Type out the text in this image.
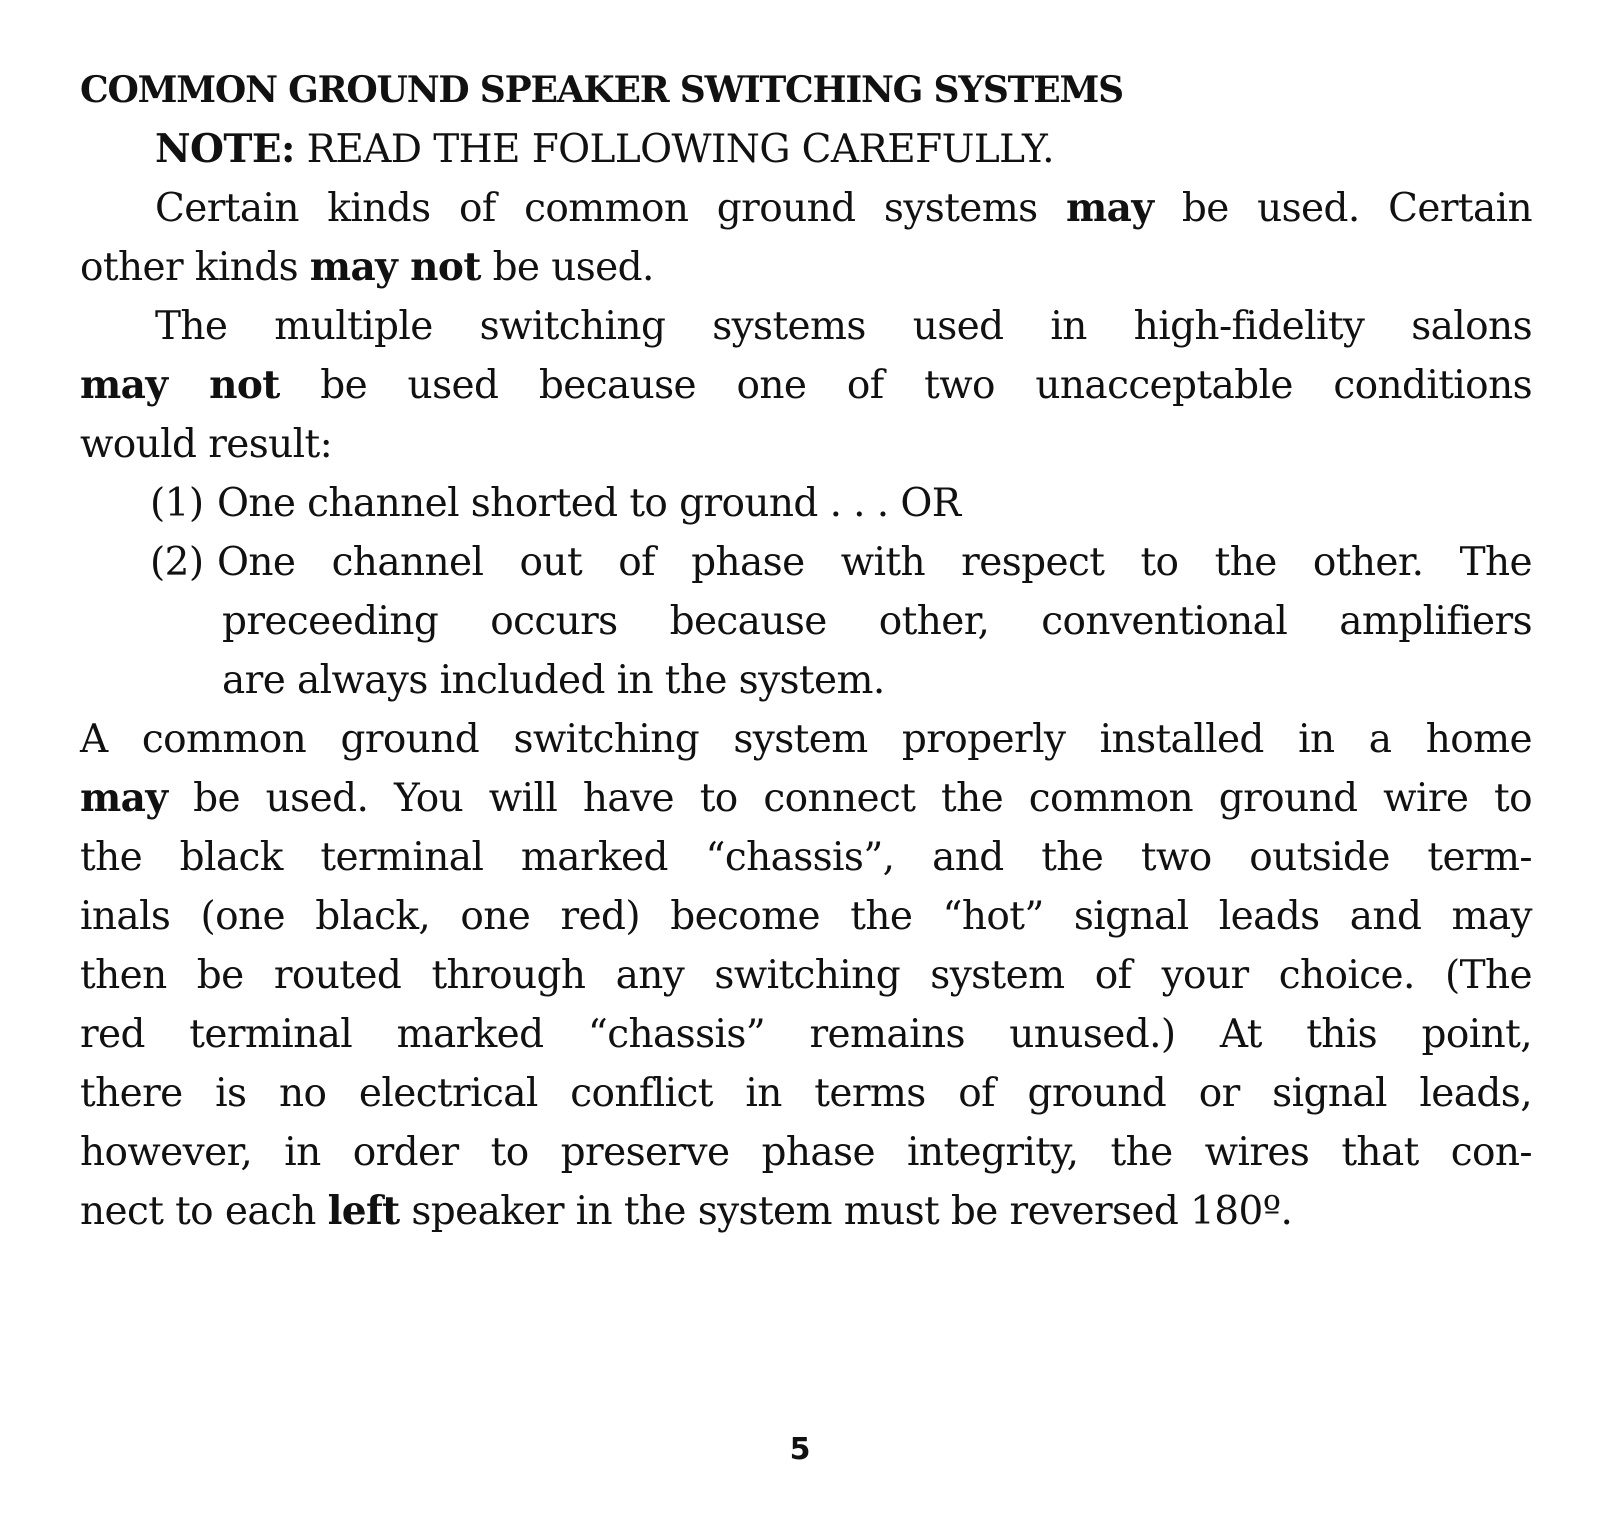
COMMON GROUND SPEAKER SWITCHING SYSTEMS
NOTE: READ THE FOLLOWING CAREFULLY.
Certain kinds of common ground systems may be used. Certain
other kinds may not be used.
The multiple switching systems used in high-fidelity salons
may not be used because one of two unacceptable conditions
would result:
(1) One channel shorted to ground . . . OR
(2) One channel out of phase with respect to the other. The
preceeding occurs because other, conventional amplifiers
are always included in the system.
A common ground switching system properly installed in a home
may be used. You will have to connect the common ground wire to
the black terminal marked “chassis”, and the two outside term-
inals (one black, one red) become the “hot” signal leads and may
then be routed through any switching system of your choice. (The
red terminal marked “chassis” remains unused.) At this point,
there is no electrical conflict in terms of ground or signal leads,
however, in order to preserve phase integrity, the wires that con-
nect to each left speaker in the system must be reversed 180º.
5
